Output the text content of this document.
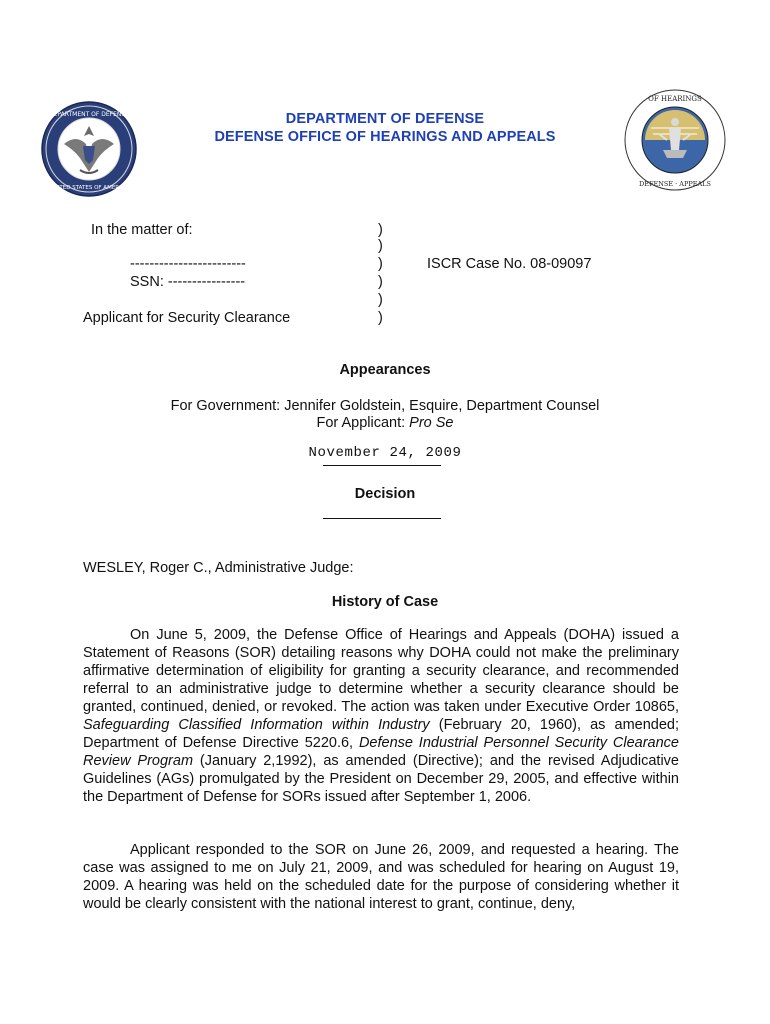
DEPARTMENT OF DEFENSE
UNITED STATES OF AMERICA
DEPARTMENT OF DEFENSE
DEFENSE OFFICE OF HEARINGS AND APPEALS
OF HEARINGS
DEFENSE · APPEALS
In the matter of:
------------------------
SSN: ----------------
Applicant for Security Clearance
)
)
)
)
)
)
ISCR Case No. 08-09097
Appearances
For Government: Jennifer Goldstein, Esquire, Department Counsel
For Applicant: Pro Se
November 24, 2009
Decision
WESLEY, Roger C., Administrative Judge:
History of Case

On June 5, 2009, the Defense Office of Hearings and Appeals (DOHA) issued a Statement of Reasons (SOR) detailing reasons why DOHA could not make the preliminary affirmative determination of eligibility for granting a security clearance, and recommended referral to an administrative judge to determine whether a security clearance should be granted, continued, denied, or revoked. The action was taken under Executive Order 10865, Safeguarding Classified Information within Industry (February 20, 1960), as amended; Department of Defense Directive 5220.6, Defense Industrial Personnel Security Clearance Review Program (January 2,1992), as amended (Directive); and the revised Adjudicative Guidelines (AGs) promulgated by the President on December 29, 2005, and effective within the Department of Defense for SORs issued after September 1, 2006.

Applicant responded to the SOR on June 26, 2009, and requested a hearing. The case was assigned to me on July 21, 2009, and was scheduled for hearing on August 19, 2009. A hearing was held on the scheduled date for the purpose of considering whether it would be clearly consistent with the national interest to grant, continue, deny,
